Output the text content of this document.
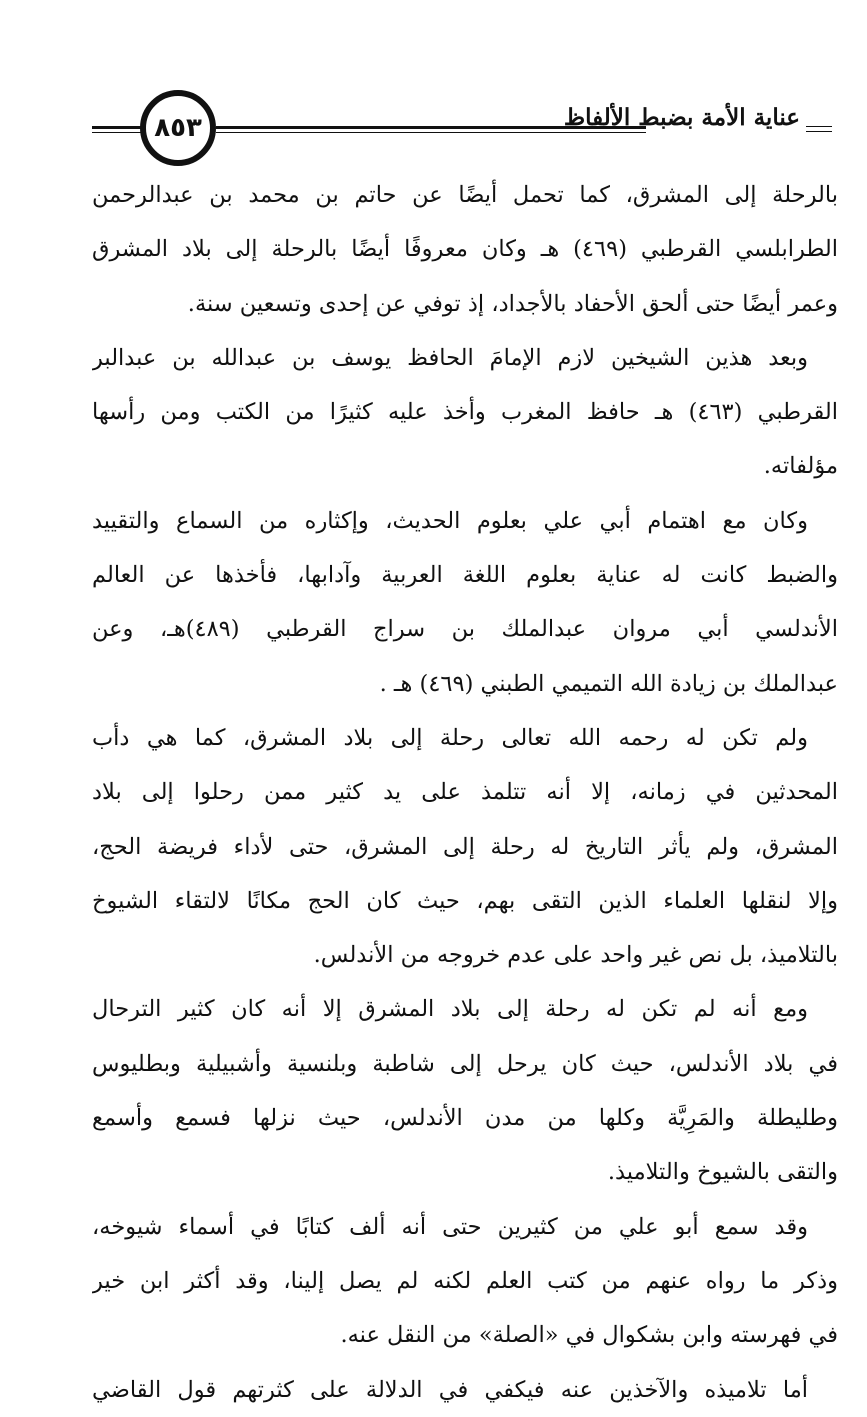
٨٥٣	عناية الأمة بضبط الألفاظ
بالرحلة إلى المشرق، كما تحمل أيضًا عن حاتم بن محمد بن عبدالرحمن
الطرابلسي القرطبي (٤٦٩) هـ وكان معروفًا أيضًا بالرحلة إلى بلاد المشرق
وعمر أيضًا حتى ألحق الأحفاد بالأجداد، إذ توفي عن إحدى وتسعين سنة.
وبعد هذين الشيخين لازم الإمامَ الحافظ يوسف بن عبدالله بن عبدالبر
القرطبي (٤٦٣) هـ حافظ المغرب وأخذ عليه كثيرًا من الكتب ومن رأسها
مؤلفاته.
وكان مع اهتمام أبي علي بعلوم الحديث، وإكثاره من السماع والتقييد
والضبط كانت له عناية بعلوم اللغة العربية وآدابها، فأخذها عن العالم
الأندلسي أبي مروان عبدالملك بن سراج القرطبي (٤٨٩)هـ، وعن
عبدالملك بن زيادة الله التميمي الطبني (٤٦٩) هـ .
ولم تكن له رحمه الله تعالى رحلة إلى بلاد المشرق، كما هي دأب
المحدثين في زمانه، إلا أنه تتلمذ على يد كثير ممن رحلوا إلى بلاد
المشرق، ولم يأثر التاريخ له رحلة إلى المشرق، حتى لأداء فريضة الحج،
وإلا لنقلها العلماء الذين التقى بهم، حيث كان الحج مكانًا لالتقاء الشيوخ
بالتلاميذ، بل نص غير واحد على عدم خروجه من الأندلس.
ومع أنه لم تكن له رحلة إلى بلاد المشرق إلا أنه كان كثير الترحال
في بلاد الأندلس، حيث كان يرحل إلى شاطبة وبلنسية وأشبيلية وبطليوس
وطليطلة والمَرِيَّة وكلها من مدن الأندلس، حيث نزلها فسمع وأسمع
والتقى بالشيوخ والتلاميذ.
وقد سمع أبو علي من كثيرين حتى أنه ألف كتابًا في أسماء شيوخه،
وذكر ما رواه عنهم من كتب العلم لكنه لم يصل إلينا، وقد أكثر ابن خير
في فهرسته وابن بشكوال في «الصلة» من النقل عنه.
أما تلاميذه والآخذين عنه فيكفي في الدلالة على كثرتهم قول القاضي
